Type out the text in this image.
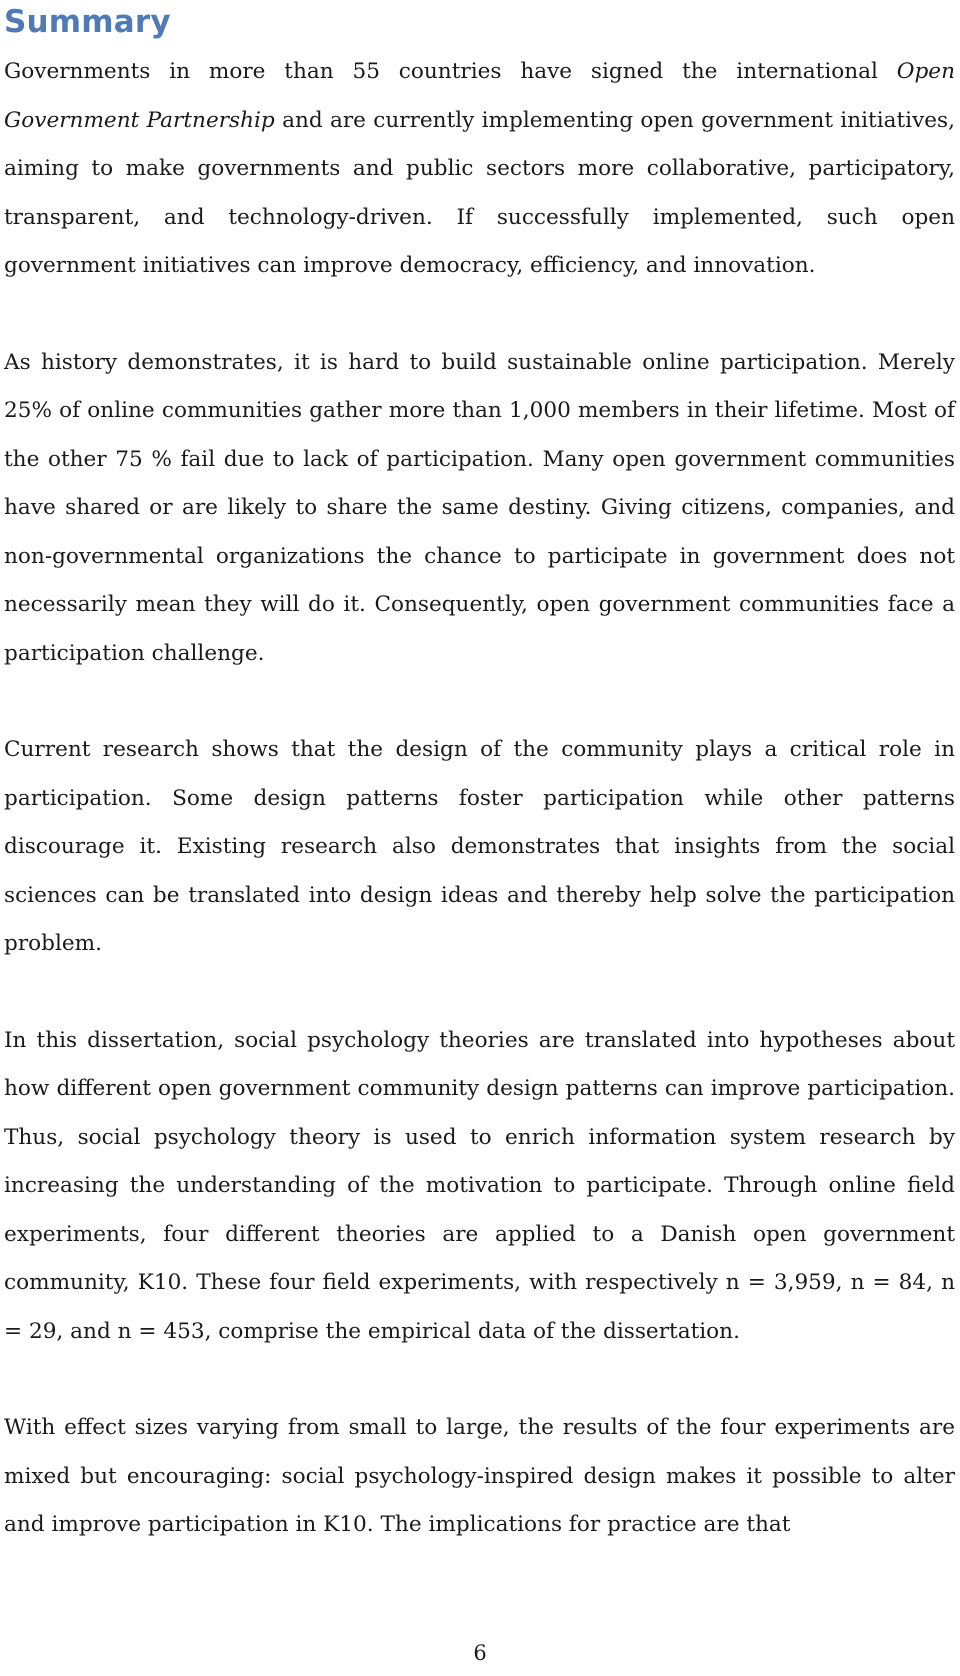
Summary

Governments in more than 55 countries have signed the international Open Government Partnership and are currently implementing open government initiatives, aiming to make governments and public sectors more collaborative, participatory, transparent, and technology-driven. If successfully implemented, such open government initiatives can improve democracy, efficiency, and innovation.

As history demonstrates, it is hard to build sustainable online participation. Merely 25% of online communities gather more than 1,000 members in their lifetime. Most of the other 75 % fail due to lack of participation. Many open government communities have shared or are likely to share the same destiny. Giving citizens, companies, and non-governmental organizations the chance to participate in government does not necessarily mean they will do it. Consequently, open government communities face a participation challenge.

Current research shows that the design of the community plays a critical role in participation. Some design patterns foster participation while other patterns discourage it. Existing research also demonstrates that insights from the social sciences can be translated into design ideas and thereby help solve the participation problem.

In this dissertation, social psychology theories are translated into hypotheses about how different open government community design patterns can improve participation. Thus, social psychology theory is used to enrich information system research by increasing the understanding of the motivation to participate. Through online field experiments, four different theories are applied to a Danish open government community, K10. These four field experiments, with respectively n = 3,959, n = 84, n = 29, and n = 453, comprise the empirical data of the dissertation.

With effect sizes varying from small to large, the results of the four experiments are mixed but encouraging: social psychology-inspired design makes it possible to alter and improve participation in K10. The implications for practice are that

6
